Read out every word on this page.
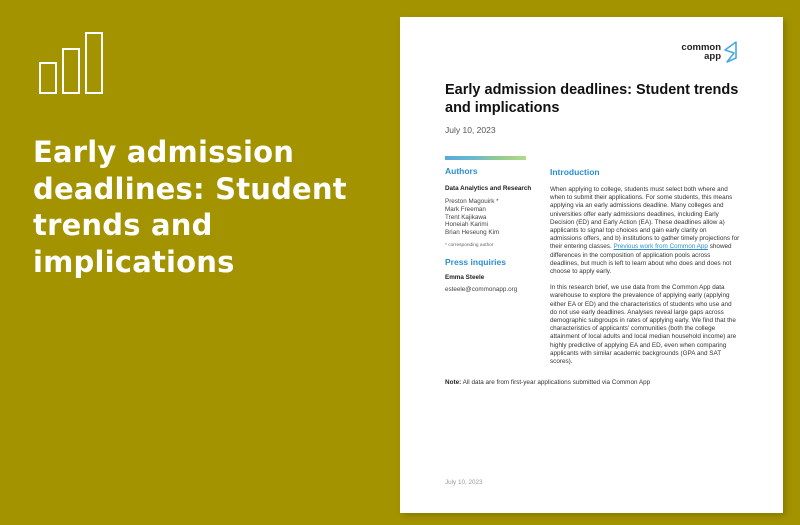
Early admission deadlines: Student trends and implications
common
app
Early admission deadlines: Student trends and implications
July 10, 2023
Authors
Data Analytics and Research
Preston Magouirk *
Mark Freeman
Trent Kajikawa
Honeiah Karimi
Brian Heseung Kim
* corresponding author
Press inquiries
Emma Steele
esteele@commonapp.org
Introduction

When applying to college, students must select both where and when to submit their applications. For some students, this means applying via an early admissions deadline. Many colleges and universities offer early admissions deadlines, including Early Decision (ED) and Early Action (EA). These deadlines allow a) applicants to signal top choices and gain early clarity on admissions offers, and b) institutions to gather timely projections for their entering classes. Previous work from Common App showed differences in the composition of application pools across deadlines, but much is left to learn about who does and does not choose to apply early.

In this research brief, we use data from the Common App data warehouse to explore the prevalence of applying early (applying either EA or ED) and the characteristics of students who use and do not use early deadlines. Analyses reveal large gaps across demographic subgroups in rates of applying early. We find that the characteristics of applicants' communities (both the college attainment of local adults and local median household income) are highly predictive of applying EA and ED, even when comparing applicants with similar academic backgrounds (GPA and SAT scores).

Note: All data are from first-year applications submitted via Common App
July 10, 2023
